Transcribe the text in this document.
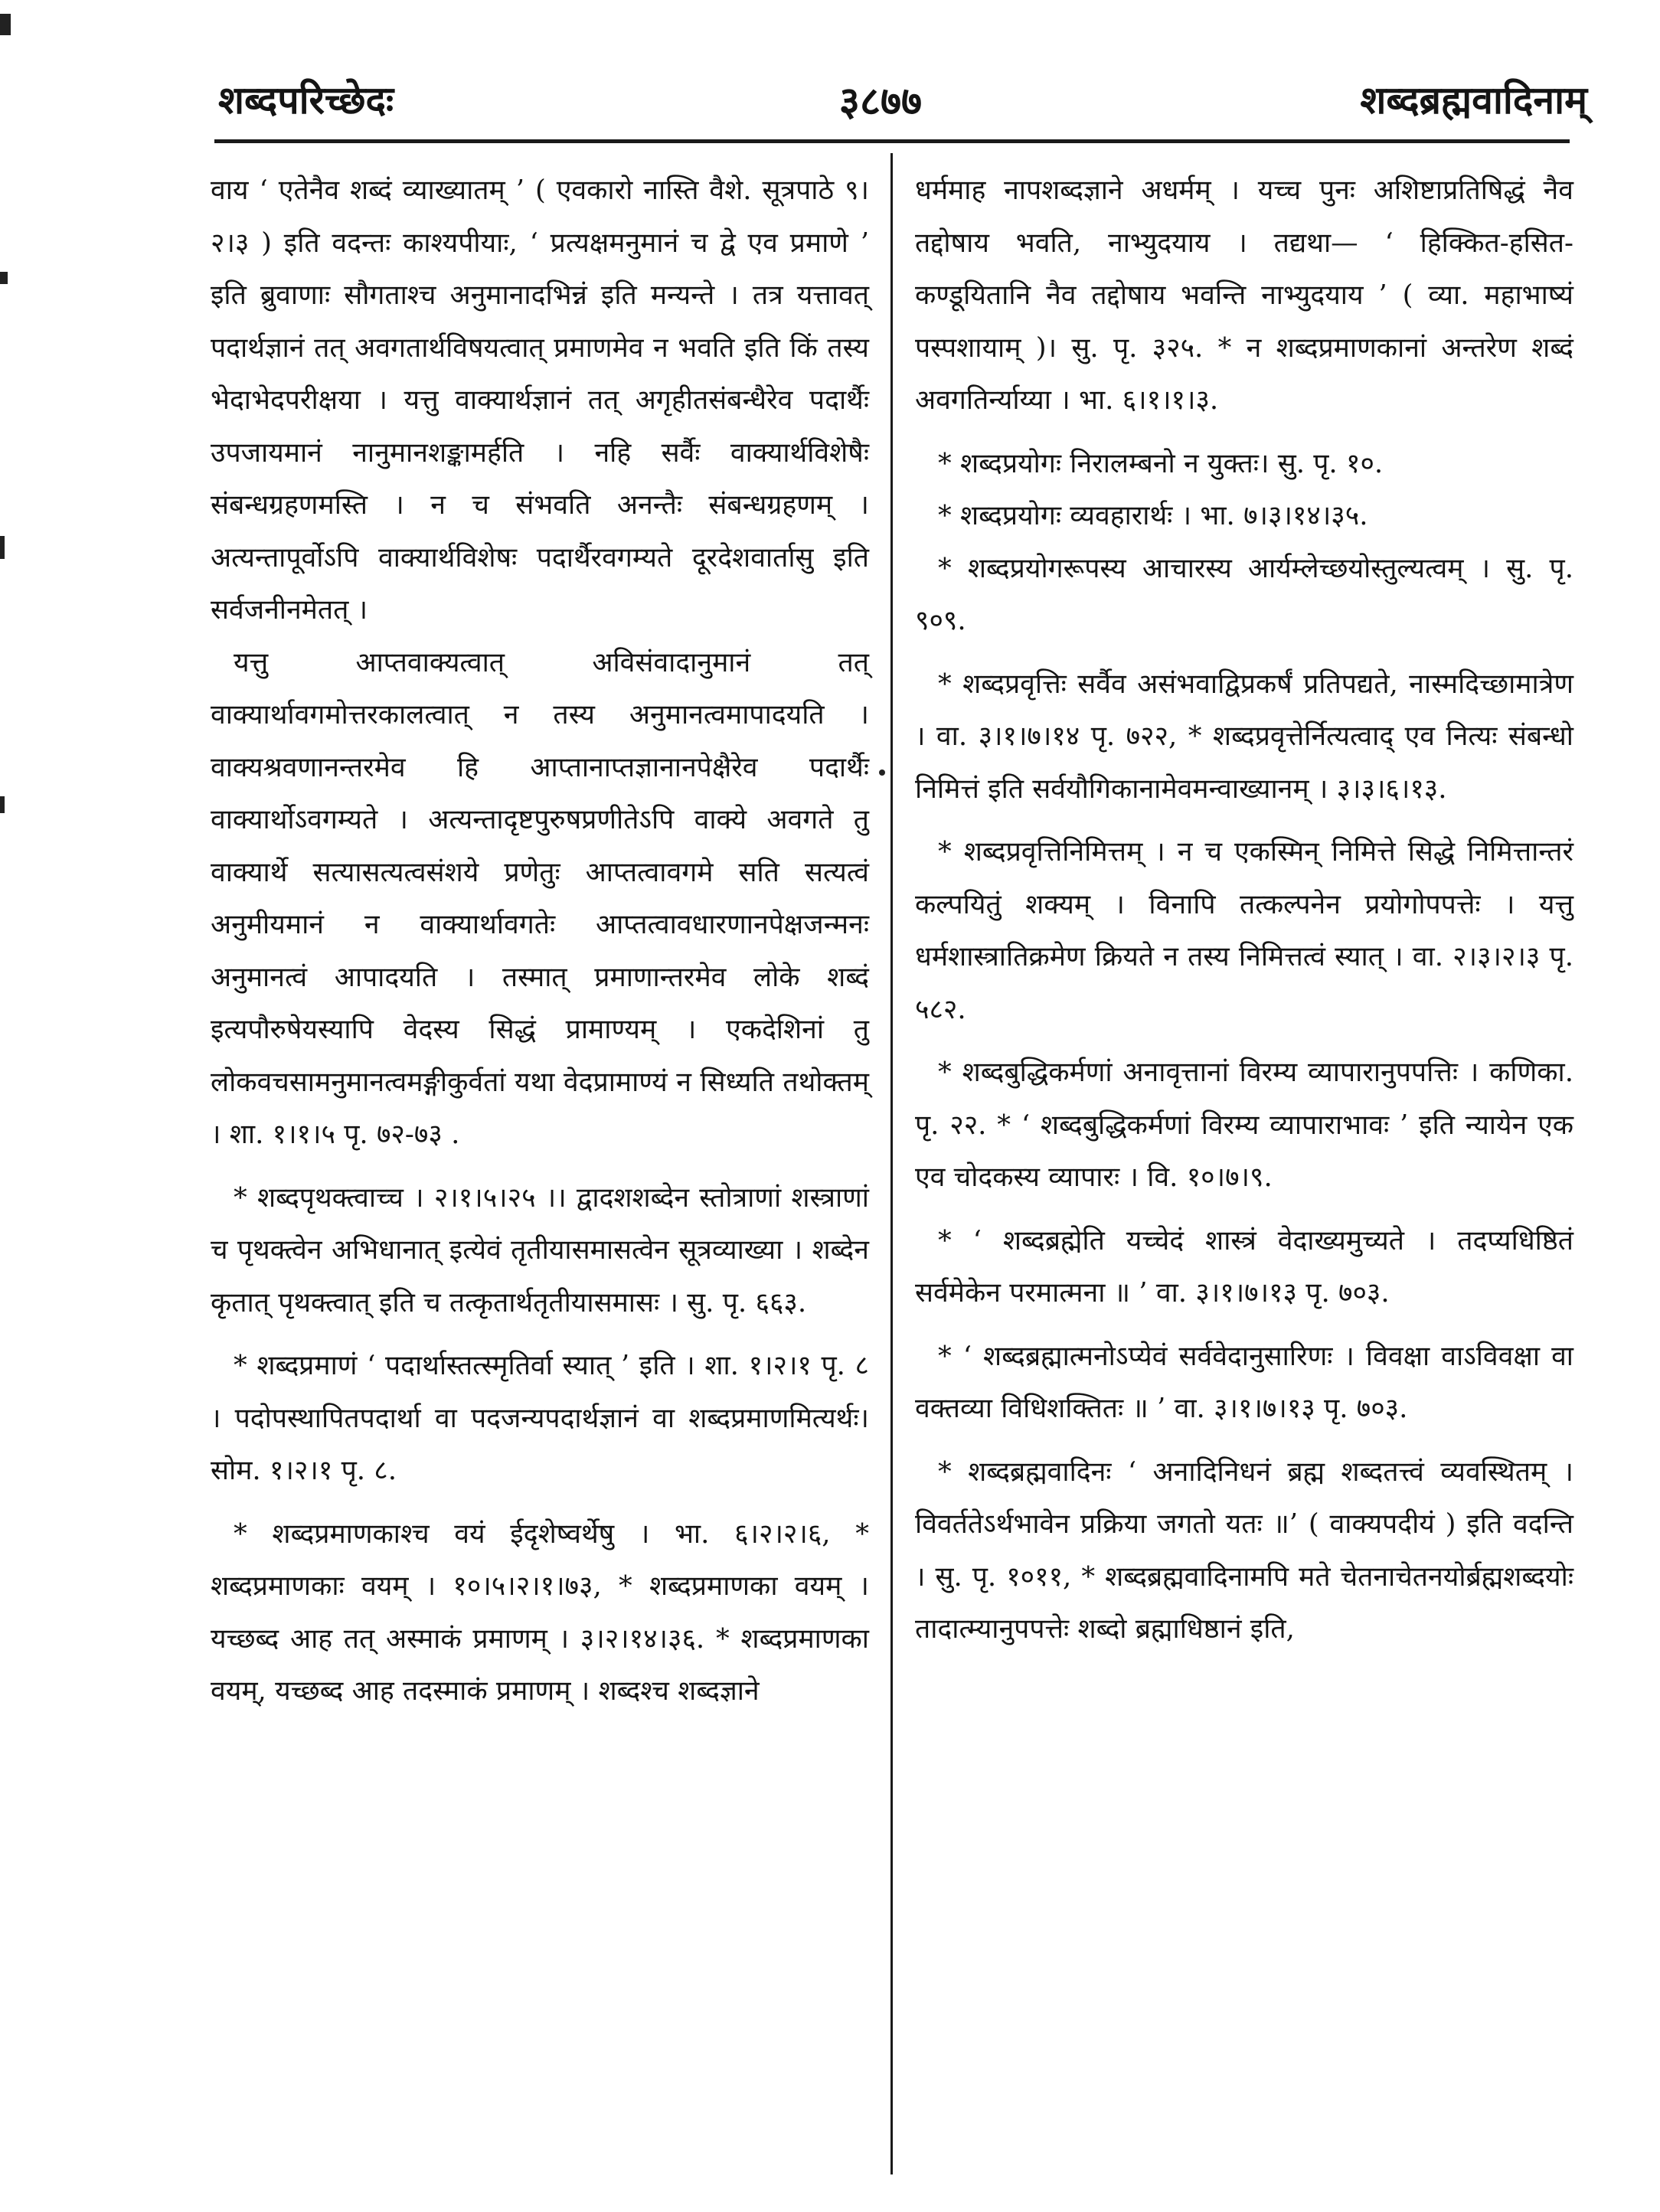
शब्दपरिच्छेदः	३८७७	शब्दब्रह्मवादिनाम्

वाय ‘ एतेनैव शब्दं व्याख्यातम् ’ ( एवकारो नास्ति वैशे. सूत्रपाठे ९।२।३ ) इति वदन्तः काश्यपीयाः, ‘ प्रत्यक्षमनुमानं च द्वे एव प्रमाणे ’ इति ब्रुवाणाः सौगताश्च अनुमानादभिन्नं इति मन्यन्ते । तत्र यत्तावत् पदार्थज्ञानं तत् अवगतार्थविषयत्वात् प्रमाणमेव न भवति इति किं तस्य भेदाभेदपरीक्षया । यत्तु वाक्यार्थज्ञानं तत् अगृहीतसंबन्धैरेव पदार्थैः उपजायमानं नानुमानशङ्कामर्हति । नहि सर्वैः वाक्यार्थविशेषैः संबन्धग्रहणमस्ति । न च संभवति अनन्तैः संबन्धग्रहणम् । अत्यन्तापूर्वोऽपि वाक्यार्थविशेषः पदार्थैरवगम्यते दूरदेशवार्तासु इति सर्वजनीनमेतत् ।

यत्तु आप्तवाक्यत्वात् अविसंवादानुमानं तत् वाक्यार्थावगमोत्तरकालत्वात् न तस्य अनुमानत्वमापादयति । वाक्यश्रवणानन्तरमेव हि आप्तानाप्तज्ञानानपेक्षैरेव पदार्थैः वाक्यार्थोऽवगम्यते । अत्यन्तादृष्टपुरुषप्रणीतेऽपि वाक्ये अवगते तु वाक्यार्थे सत्यासत्यत्वसंशये प्रणेतुः आप्तत्वावगमे सति सत्यत्वं अनुमीयमानं न वाक्यार्थावगतेः आप्तत्वावधारणानपेक्षजन्मनः अनुमानत्वं आपादयति । तस्मात् प्रमाणान्तरमेव लोके शब्दं इत्यपौरुषेयस्यापि वेदस्य सिद्धं प्रामाण्यम् । एकदेशिनां तु लोकवचसामनुमानत्वमङ्गीकुर्वतां यथा वेदप्रामाण्यं न सिध्यति तथोक्तम् । शा. १।१।५ पृ. ७२-७३ .

* शब्दपृथक्त्वाच्च । २।१।५।२५ ।। द्वादशशब्देन स्तोत्राणां शस्त्राणां च पृथक्त्वेन अभिधानात् इत्येवं तृतीयासमासत्वेन सूत्रव्याख्या । शब्देन कृतात् पृथक्त्वात् इति च तत्कृतार्थतृतीयासमासः । सु. पृ. ६६३.

* शब्दप्रमाणं ‘ पदार्थास्तत्स्मृतिर्वा स्यात् ’ इति । शा. १।२।१ पृ. ८ । पदोपस्थापितपदार्था वा पदजन्यपदार्थज्ञानं वा शब्दप्रमाणमित्यर्थः। सोम. १।२।१ पृ. ८.

* शब्दप्रमाणकाश्च वयं ईदृशेष्वर्थेषु । भा. ६।२।२।६, * शब्दप्रमाणकाः वयम् । १०।५।२।१।७३, * शब्दप्रमाणका वयम् । यच्छब्द आह तत् अस्माकं प्रमाणम् । ३।२।१४।३६. * शब्दप्रमाणका वयम्, यच्छब्द आह तदस्माकं प्रमाणम् । शब्दश्च शब्दज्ञाने

धर्ममाह नापशब्दज्ञाने अधर्मम् । यच्च पुनः अशिष्टाप्रतिषिद्धं नैव तद्दोषाय भवति, नाभ्युदयाय । तद्यथा— ‘ हिक्कित-हसित-कण्डूयितानि नैव तद्दोषाय भवन्ति नाभ्युदयाय ’ ( व्या. महाभाष्यं पस्पशायाम् )। सु. पृ. ३२५. * न शब्दप्रमाणकानां अन्तरेण शब्दं अवगतिर्न्याय्या । भा. ६।१।१।३.

* शब्दप्रयोगः निरालम्बनो न युक्तः। सु. पृ. १०.

* शब्दप्रयोगः व्यवहारार्थः । भा. ७।३।१४।३५.

* शब्दप्रयोगरूपस्य आचारस्य आर्यम्लेच्छयोस्तुल्यत्वम् । सु. पृ. ९०९.

* शब्दप्रवृत्तिः सर्वैव असंभवाद्विप्रकर्षं प्रतिपद्यते, नास्मदिच्छामात्रेण । वा. ३।१।७।१४ पृ. ७२२, * शब्दप्रवृत्तेर्नित्यत्वाद् एव नित्यः संबन्धो निमित्तं इति सर्वयौगिकानामेवमन्वाख्यानम् । ३।३।६।१३.

* शब्दप्रवृत्तिनिमित्तम् । न च एकस्मिन् निमित्ते सिद्धे निमित्तान्तरं कल्पयितुं शक्यम् । विनापि तत्कल्पनेन प्रयोगोपपत्तेः । यत्तु धर्मशास्त्रातिक्रमेण क्रियते न तस्य निमित्तत्वं स्यात् । वा. २।३।२।३ पृ. ५८२.

* शब्दबुद्धिकर्मणां अनावृत्तानां विरम्य व्यापारानुपपत्तिः । कणिका. पृ. २२. * ‘ शब्दबुद्धिकर्मणां विरम्य व्यापाराभावः ’ इति न्यायेन एक एव चोदकस्य व्यापारः । वि. १०।७।९.

* ‘ शब्दब्रह्मेति यच्चेदं शास्त्रं वेदाख्यमुच्यते । तदप्यधिष्ठितं सर्वमेकेन परमात्मना ॥ ’ वा. ३।१।७।१३ पृ. ७०३.

* ‘ शब्दब्रह्मात्मनोऽप्येवं सर्ववेदानुसारिणः । विवक्षा वाऽविवक्षा वा वक्तव्या विधिशक्तितः ॥ ’ वा. ३।१।७।१३ पृ. ७०३.

* शब्दब्रह्मवादिनः ‘ अनादिनिधनं ब्रह्म शब्दतत्त्वं व्यवस्थितम् । विवर्ततेऽर्थभावेन प्रक्रिया जगतो यतः ॥’ ( वाक्यपदीयं ) इति वदन्ति । सु. पृ. १०११, * शब्दब्रह्मवादिनामपि मते चेतनाचेतनयोर्ब्रह्मशब्दयोः तादात्म्यानुपपत्तेः शब्दो ब्रह्माधिष्ठानं इति,
